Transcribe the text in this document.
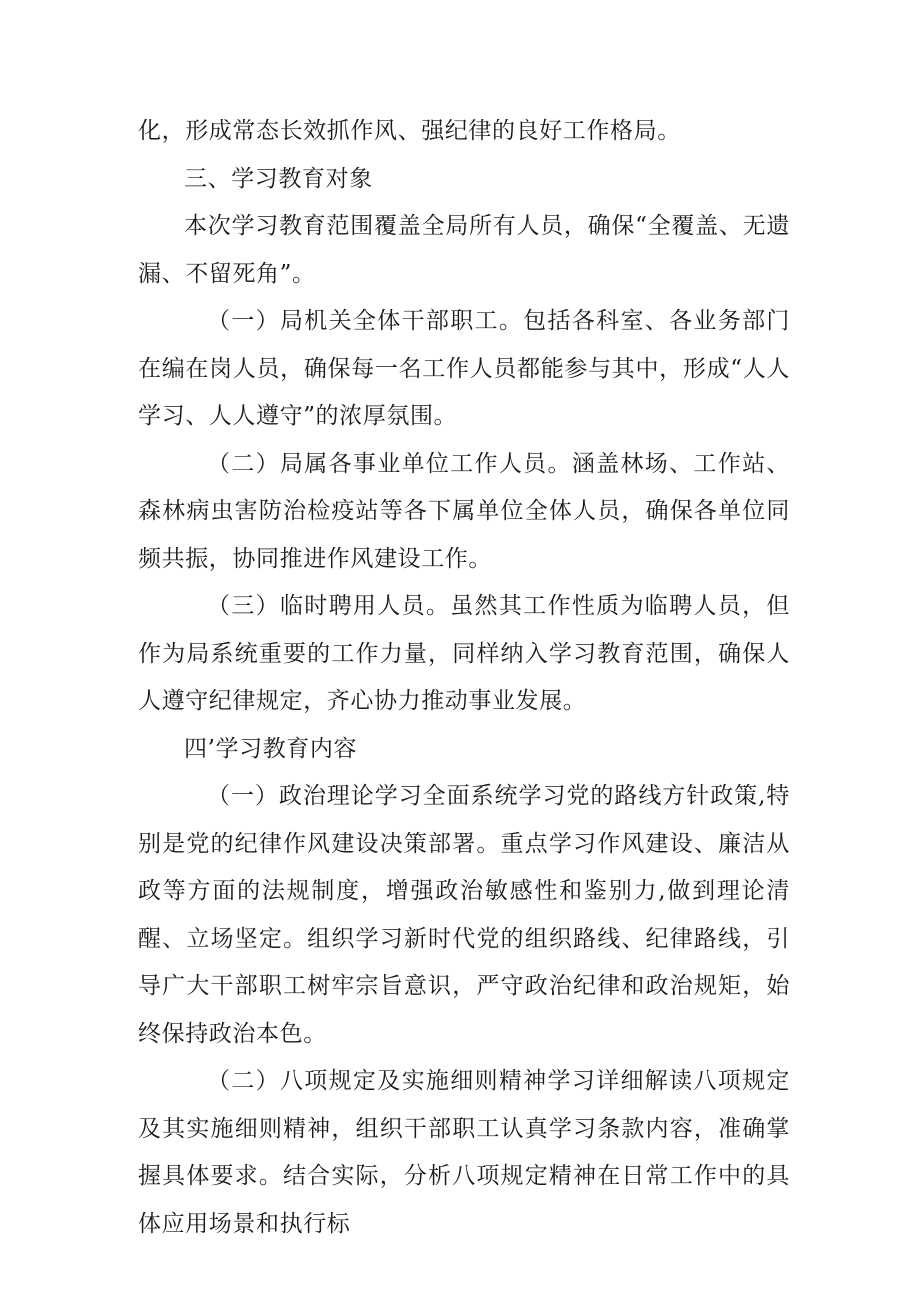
化，形成常态长效抓作风、强纪律的良好工作格局。

三、学习教育对象

本次学习教育范围覆盖全局所有人员，确保“全覆盖、无遗漏、不留死角”。

（一）局机关全体干部职工。包括各科室、各业务部门在编在岗人员，确保每一名工作人员都能参与其中，形成“人人学习、人人遵守”的浓厚氛围。

（二）局属各事业单位工作人员。涵盖林场、工作站、森林病虫害防治检疫站等各下属单位全体人员，确保各单位同频共振，协同推进作风建设工作。

（三）临时聘用人员。虽然其工作性质为临聘人员，但作为局系统重要的工作力量，同样纳入学习教育范围，确保人人遵守纪律规定，齐心协力推动事业发展。

四’学习教育内容

（一）政治理论学习全面系统学习党的路线方针政策,特别是党的纪律作风建设决策部署。重点学习作风建设、廉洁从政等方面的法规制度，增强政治敏感性和鉴别力,做到理论清醒、立场坚定。组织学习新时代党的组织路线、纪律路线，引导广大干部职工树牢宗旨意识，严守政治纪律和政治规矩，始终保持政治本色。

（二）八项规定及实施细则精神学习详细解读八项规定及其实施细则精神，组织干部职工认真学习条款内容，准确掌握具体要求。结合实际，分析八项规定精神在日常工作中的具体应用场景和执行标
